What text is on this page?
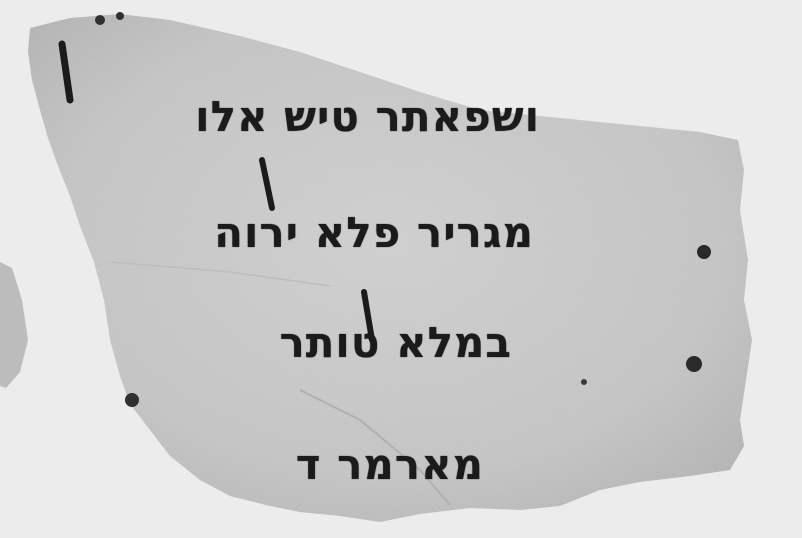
ושפאתר טיש אלו
מגריר פלא ירוה
במלא טותר
מארמר ד
